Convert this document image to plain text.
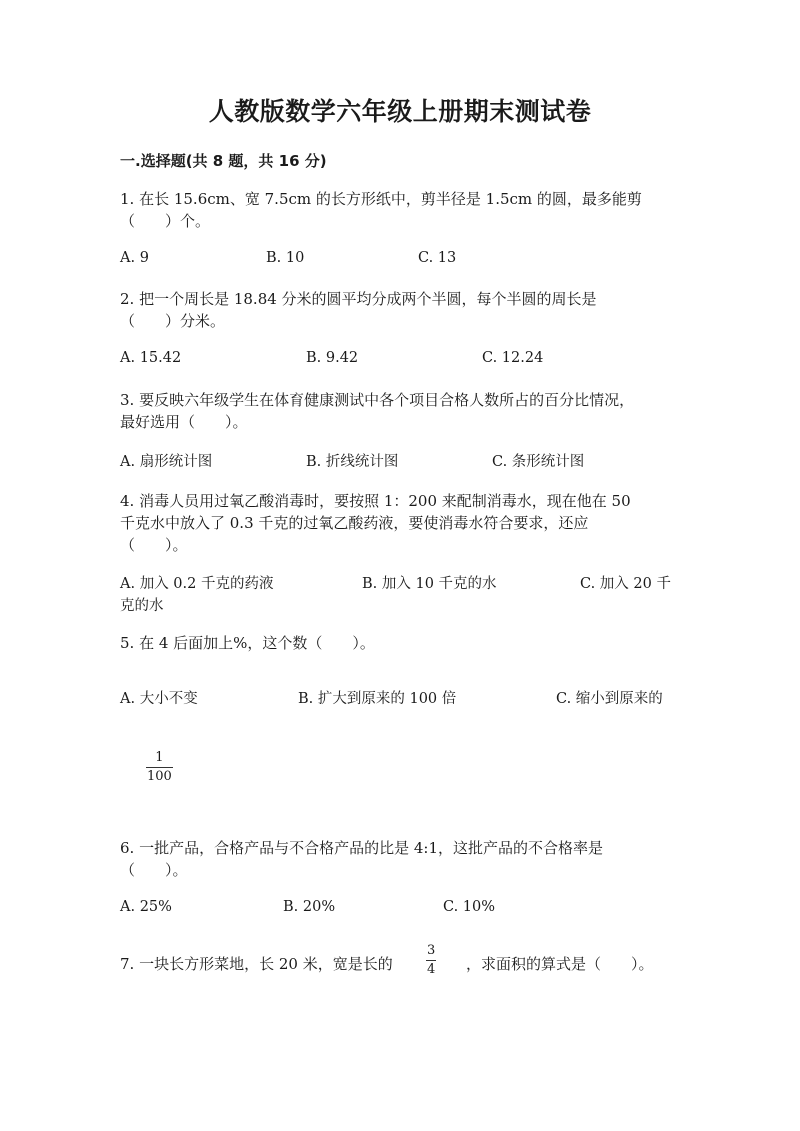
人教版数学六年级上册期末测试卷
一.选择题(共 8 题，共 16 分)
1. 在长 15.6cm、宽 7.5cm 的长方形纸中，剪半径是 1.5cm 的圆，最多能剪
（　　）个。
A. 9	B. 10	C. 13
2. 把一个周长是 18.84 分米的圆平均分成两个半圆，每个半圆的周长是
（　　）分米。
A. 15.42	B. 9.42	C. 12.24
3. 要反映六年级学生在体育健康测试中各个项目合格人数所占的百分比情况，
最好选用（　　）。
A. 扇形统计图	B. 折线统计图	C. 条形统计图
4. 消毒人员用过氧乙酸消毒时，要按照 1：200 来配制消毒水，现在他在 50
千克水中放入了 0.3 千克的过氧乙酸药液，要使消毒水符合要求，还应
（　　）。
A. 加入 0.2 千克的药液	B. 加入 10 千克的水	C. 加入 20 千
克的水
5. 在 4 后面加上%，这个数（　　）。
A. 大小不变	B. 扩大到原来的 100 倍	C. 缩小到原来的
1
100
6. 一批产品，合格产品与不合格产品的比是 4:1，这批产品的不合格率是
（　　）。
A. 25%	B. 20%	C. 10%
7. 一块长方形菜地，长 20 米，宽是长的
3
4 ，求面积的算式是（　　）。
